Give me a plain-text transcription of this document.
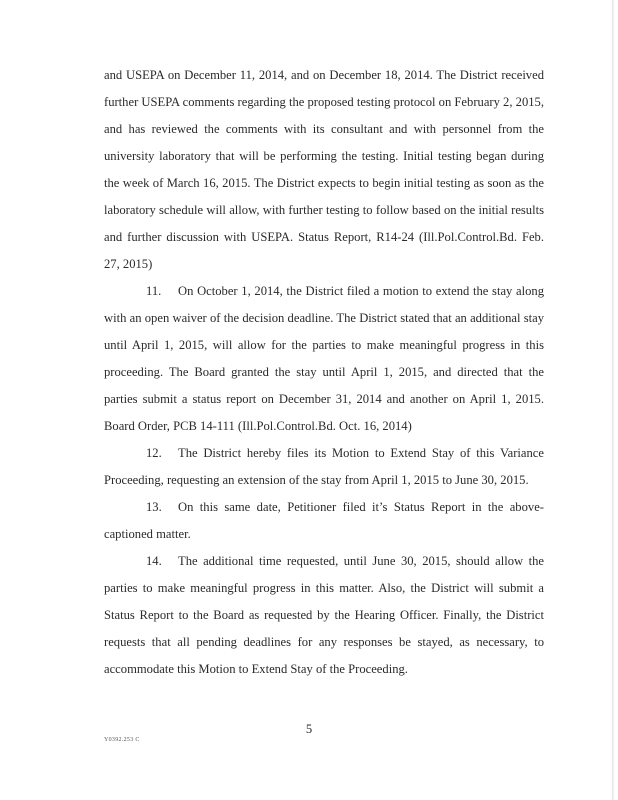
and USEPA on December 11, 2014, and on December 18, 2014. The District received further USEPA comments regarding the proposed testing protocol on February 2, 2015, and has reviewed the comments with its consultant and with personnel from the university laboratory that will be performing the testing. Initial testing began during the week of March 16, 2015. The District expects to begin initial testing as soon as the laboratory schedule will allow, with further testing to follow based on the initial results and further discussion with USEPA. Status Report, R14-24 (Ill.Pol.Control.Bd. Feb. 27, 2015)

11. On October 1, 2014, the District filed a motion to extend the stay along with an open waiver of the decision deadline. The District stated that an additional stay until April 1, 2015, will allow for the parties to make meaningful progress in this proceeding. The Board granted the stay until April 1, 2015, and directed that the parties submit a status report on December 31, 2014 and another on April 1, 2015. Board Order, PCB 14-111 (Ill.Pol.Control.Bd. Oct. 16, 2014)

12. The District hereby files its Motion to Extend Stay of this Variance Proceeding, requesting an extension of the stay from April 1, 2015 to June 30, 2015.

13. On this same date, Petitioner filed it’s Status Report in the above-captioned matter.

14. The additional time requested, until June 30, 2015, should allow the parties to make meaningful progress in this matter. Also, the District will submit a Status Report to the Board as requested by the Hearing Officer. Finally, the District requests that all pending deadlines for any responses be stayed, as necessary, to accommodate this Motion to Extend Stay of the Proceeding.

5
Y0392.253 C
